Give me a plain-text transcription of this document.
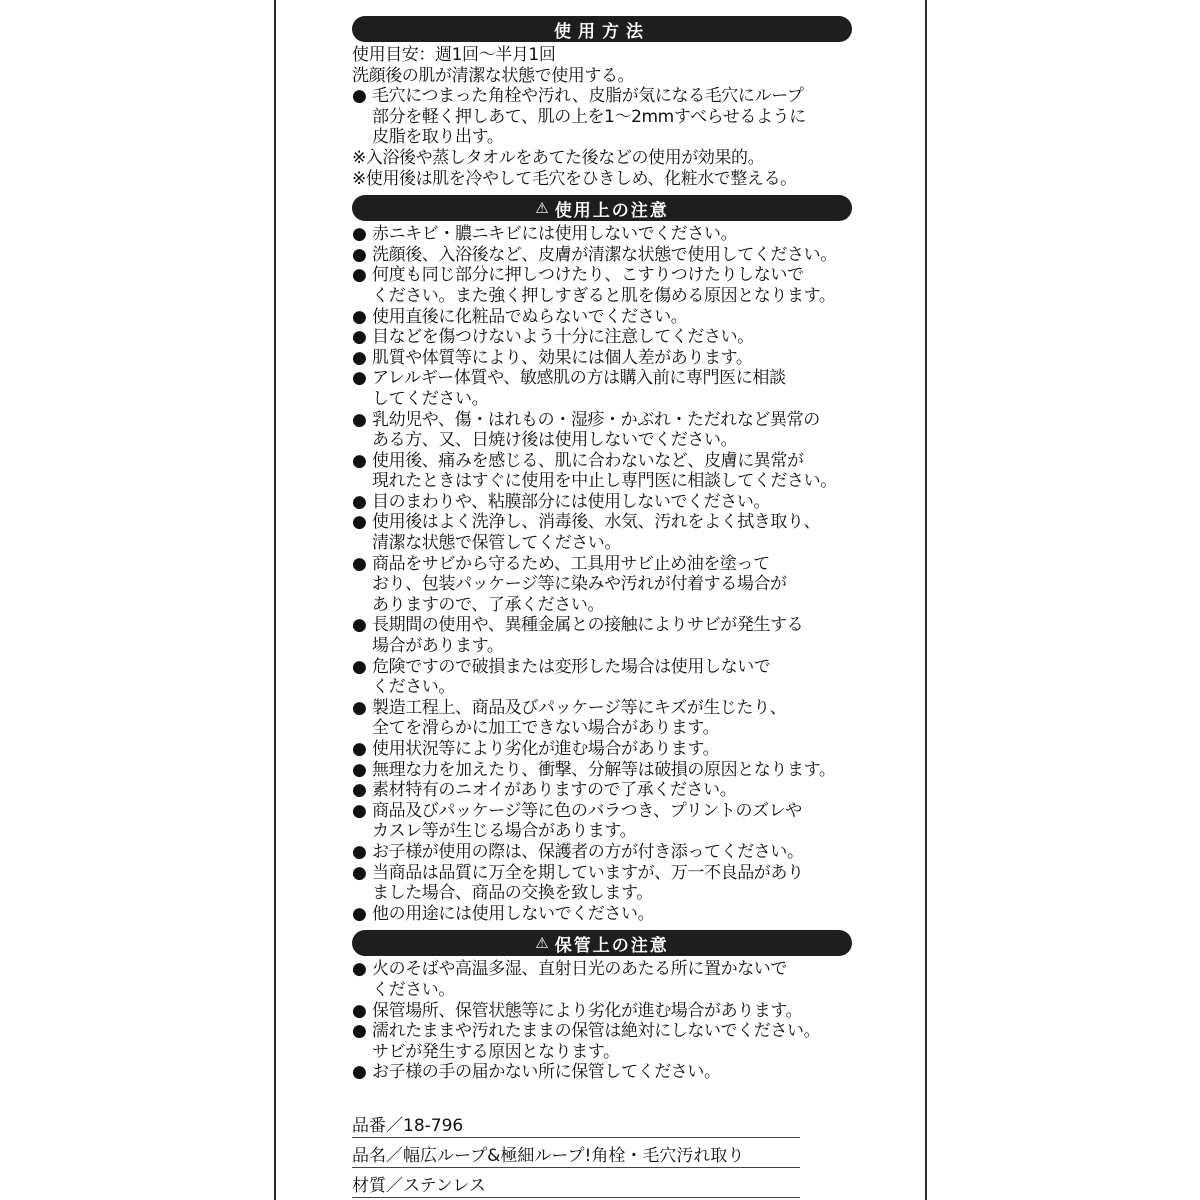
使用方法
使用目安：週1回〜半月1回
洗顔後の肌が清潔な状態で使用する。
● 毛穴につまった角栓や汚れ、皮脂が気になる毛穴にループ
部分を軽く押しあて、肌の上を1〜2mmすべらせるように
皮脂を取り出す。
※入浴後や蒸しタオルをあてた後などの使用が効果的。
※使用後は肌を冷やして毛穴をひきしめ、化粧水で整える。
⚠ 使用上の注意
● 赤ニキビ・膿ニキビには使用しないでください。
● 洗顔後、入浴後など、皮膚が清潔な状態で使用してください。
● 何度も同じ部分に押しつけたり、こすりつけたりしないで
ください。また強く押しすぎると肌を傷める原因となります。
● 使用直後に化粧品でぬらないでください。
● 目などを傷つけないよう十分に注意してください。
● 肌質や体質等により、効果には個人差があります。
● アレルギー体質や、敏感肌の方は購入前に専門医に相談
してください。
● 乳幼児や、傷・はれもの・湿疹・かぶれ・ただれなど異常の
ある方、又、日焼け後は使用しないでください。
● 使用後、痛みを感じる、肌に合わないなど、皮膚に異常が
現れたときはすぐに使用を中止し専門医に相談してください。
● 目のまわりや、粘膜部分には使用しないでください。
● 使用後はよく洗浄し、消毒後、水気、汚れをよく拭き取り、
清潔な状態で保管してください。
● 商品をサビから守るため、工具用サビ止め油を塗って
おり、包装パッケージ等に染みや汚れが付着する場合が
ありますので、了承ください。
● 長期間の使用や、異種金属との接触によりサビが発生する
場合があります。
● 危険ですので破損または変形した場合は使用しないで
ください。
● 製造工程上、商品及びパッケージ等にキズが生じたり、
全てを滑らかに加工できない場合があります。
● 使用状況等により劣化が進む場合があります。
● 無理な力を加えたり、衝撃、分解等は破損の原因となります。
● 素材特有のニオイがありますので了承ください。
● 商品及びパッケージ等に色のバラつき、プリントのズレや
カスレ等が生じる場合があります。
● お子様が使用の際は、保護者の方が付き添ってください。
● 当商品は品質に万全を期していますが、万一不良品があり
ました場合、商品の交換を致します。
● 他の用途には使用しないでください。
⚠ 保管上の注意
● 火のそばや高温多湿、直射日光のあたる所に置かないで
ください。
● 保管場所、保管状態等により劣化が進む場合があります。
● 濡れたままや汚れたままの保管は絶対にしないでください。
サビが発生する原因となります。
● お子様の手の届かない所に保管してください。
品番／18-796
品名／幅広ループ&極細ループ!角栓・毛穴汚れ取り
材質／ステンレス
